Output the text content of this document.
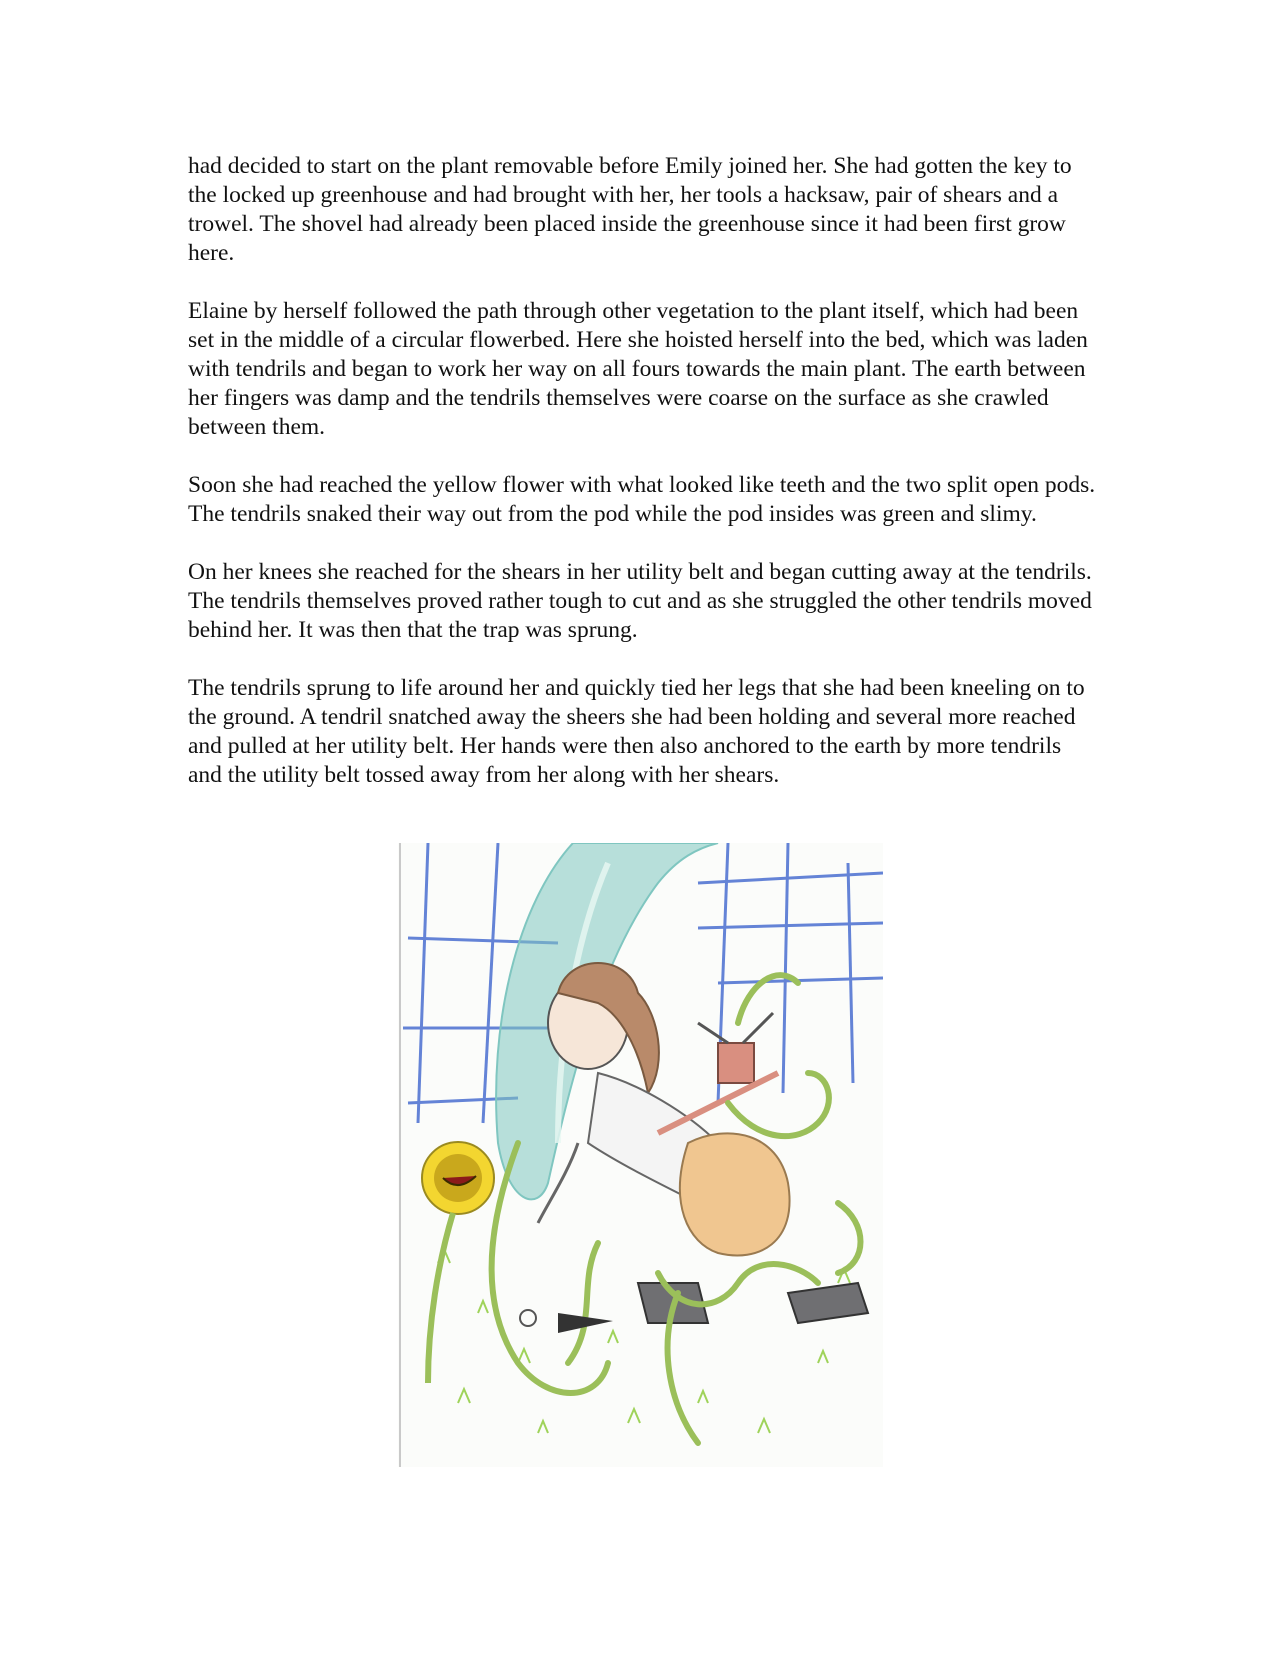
had decided to start on the plant removable before Emily joined her. She had gotten the key to the locked up greenhouse and had brought with her, her tools a hacksaw, pair of shears and a trowel. The shovel had already been placed inside the greenhouse since it had been first grow here.

Elaine by herself followed the path through other vegetation to the plant itself, which had been set in the middle of a circular flowerbed. Here she hoisted herself into the bed, which was laden with tendrils and began to work her way on all fours towards the main plant. The earth between her fingers was damp and the tendrils themselves were coarse on the surface as she crawled between them.

Soon she had reached the yellow flower with what looked like teeth and the two split open pods. The tendrils snaked their way out from the pod while the pod insides was green and slimy.

On her knees she reached for the shears in her utility belt and began cutting away at the tendrils. The tendrils themselves proved rather tough to cut and as she struggled the other tendrils moved behind her. It was then that the trap was sprung.

The tendrils sprung to life around her and quickly tied her legs that she had been kneeling on to the ground. A tendril snatched away the sheers she had been holding and several more reached and pulled at her utility belt. Her hands were then also anchored to the earth by more tendrils and the utility belt tossed away from her along with her shears.
